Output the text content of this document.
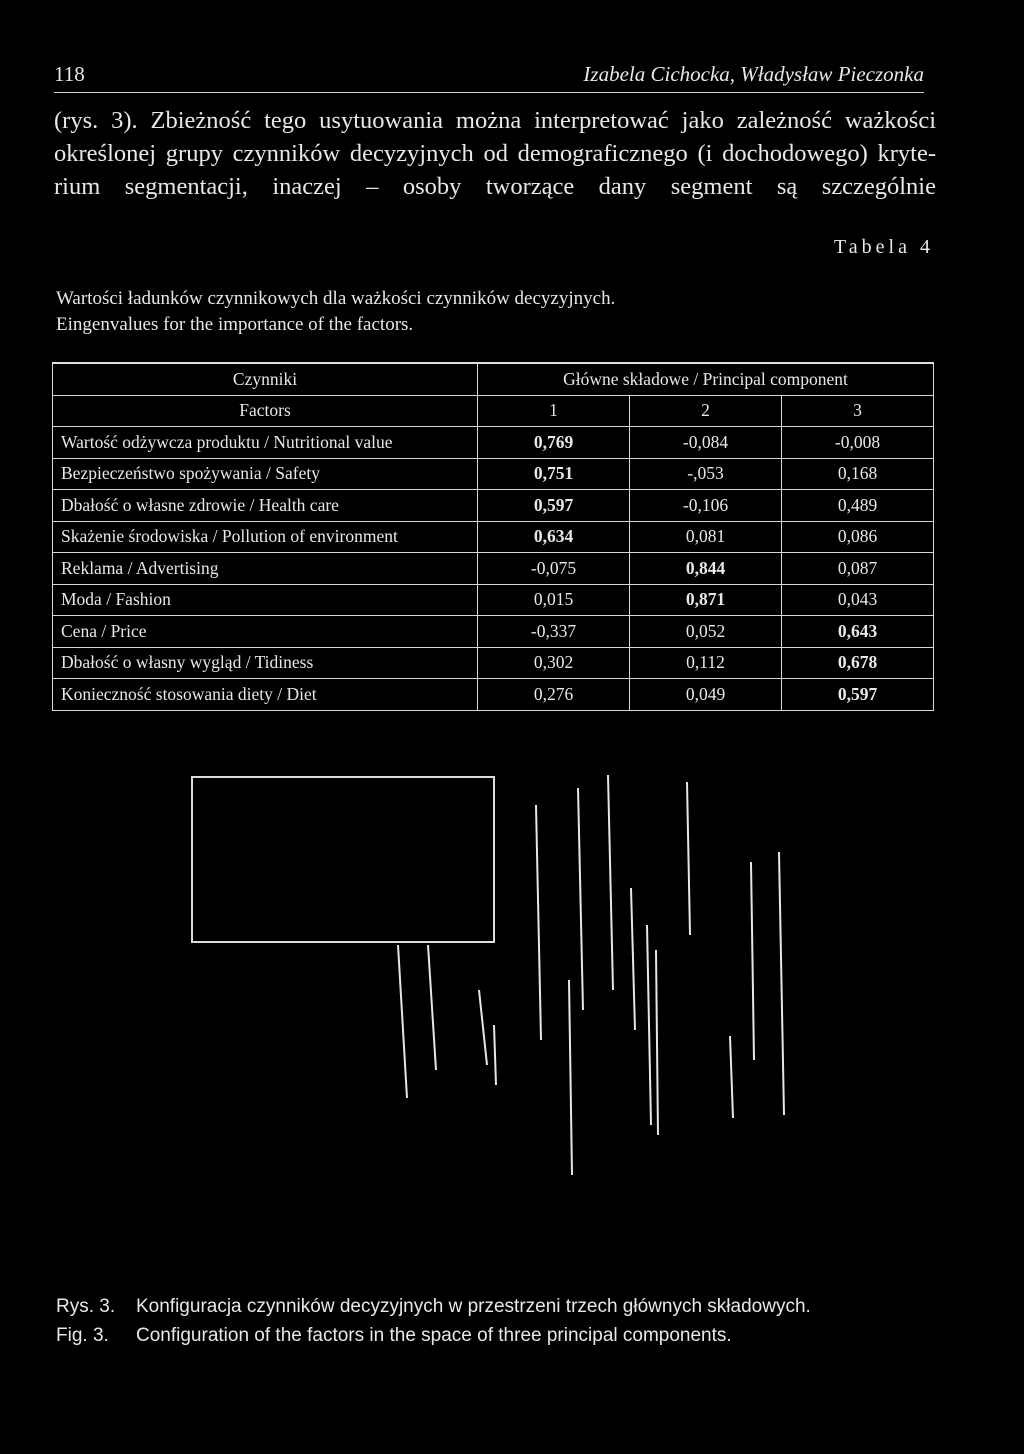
118	Izabela Cichocka, Władysław Pieczonka
(rys. 3). Zbieżność tego usytuowania można interpretować jako zależność ważkości
określonej grupy czynników decyzyjnych od demograficznego (i dochodowego) kryte-
rium segmentacji, inaczej – osoby tworzące dany segment są szczególnie
Tabela 4
Wartości ładunków czynnikowych dla ważkości czynników decyzyjnych.
Eingenvalues for the importance of the factors.
Czynniki	Główne składowe / Principal component		
Factors	1	2	3
Wartość odżywcza produktu / Nutritional value	0,769	-0,084	-0,008
Bezpieczeństwo spożywania / Safety	0,751	-,053	0,168
Dbałość o własne zdrowie / Health care	0,597	-0,106	0,489
Skażenie środowiska / Pollution of environment	0,634	0,081	0,086
Reklama / Advertising	-0,075	0,844	0,087
Moda / Fashion	0,015	0,871	0,043
Cena / Price	-0,337	0,052	0,643
Dbałość o własny wygląd / Tidiness	0,302	0,112	0,678
Konieczność stosowania diety / Diet	0,276	0,049	0,597
Rys. 3.	Konfiguracja czynników decyzyjnych w przestrzeni trzech głównych składowych.
Fig. 3.	Configuration of the factors in the space of three principal components.
